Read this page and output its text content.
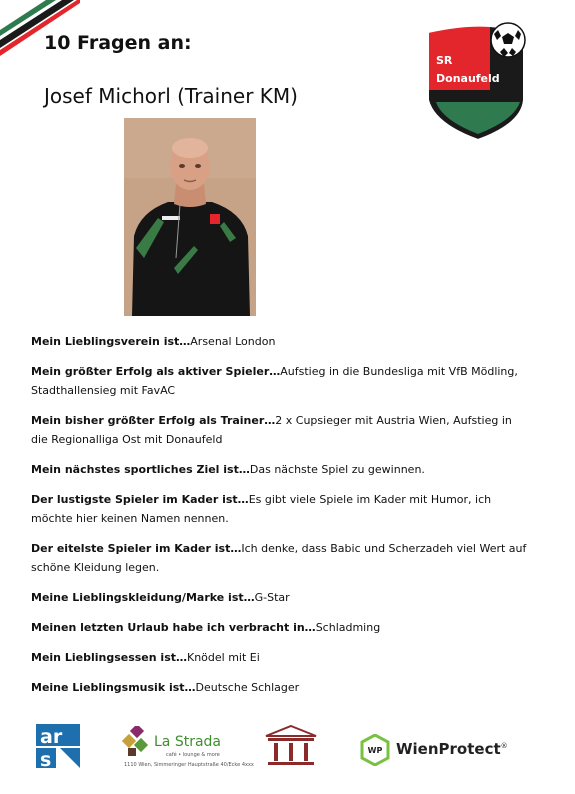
10 Fragen an:
Josef Michorl (Trainer KM)
SR
Donaufeld

Mein Lieblingsverein ist…Arsenal London

Mein größter Erfolg als aktiver Spieler…Aufstieg in die Bundesliga mit VfB Mödling, Stadthallensieg mit FavAC

Mein bisher größter Erfolg als Trainer…2 x Cupsieger mit Austria Wien, Aufstieg in die Regionalliga Ost mit Donaufeld

Mein nächstes sportliches Ziel ist…Das nächste Spiel zu gewinnen.

Der lustigste Spieler im Kader ist…Es gibt viele Spiele im Kader mit Humor, ich möchte hier keinen Namen nennen.

Der eitelste Spieler im Kader ist…Ich denke, dass Babic und Scherzadeh viel Wert auf schöne Kleidung legen.

Meine Lieblingskleidung/Marke ist…G-Star

Meinen letzten Urlaub habe ich verbracht in…Schladming

Mein Lieblingsessen ist…Knödel mit Ei

Meine Lieblingsmusik ist…Deutsche Schlager

ar
s
La Strada
café • lounge & more
1110 Wien, Simmeringer Hauptstraße 40/Ecke 4xxx
WP WienProtect®
